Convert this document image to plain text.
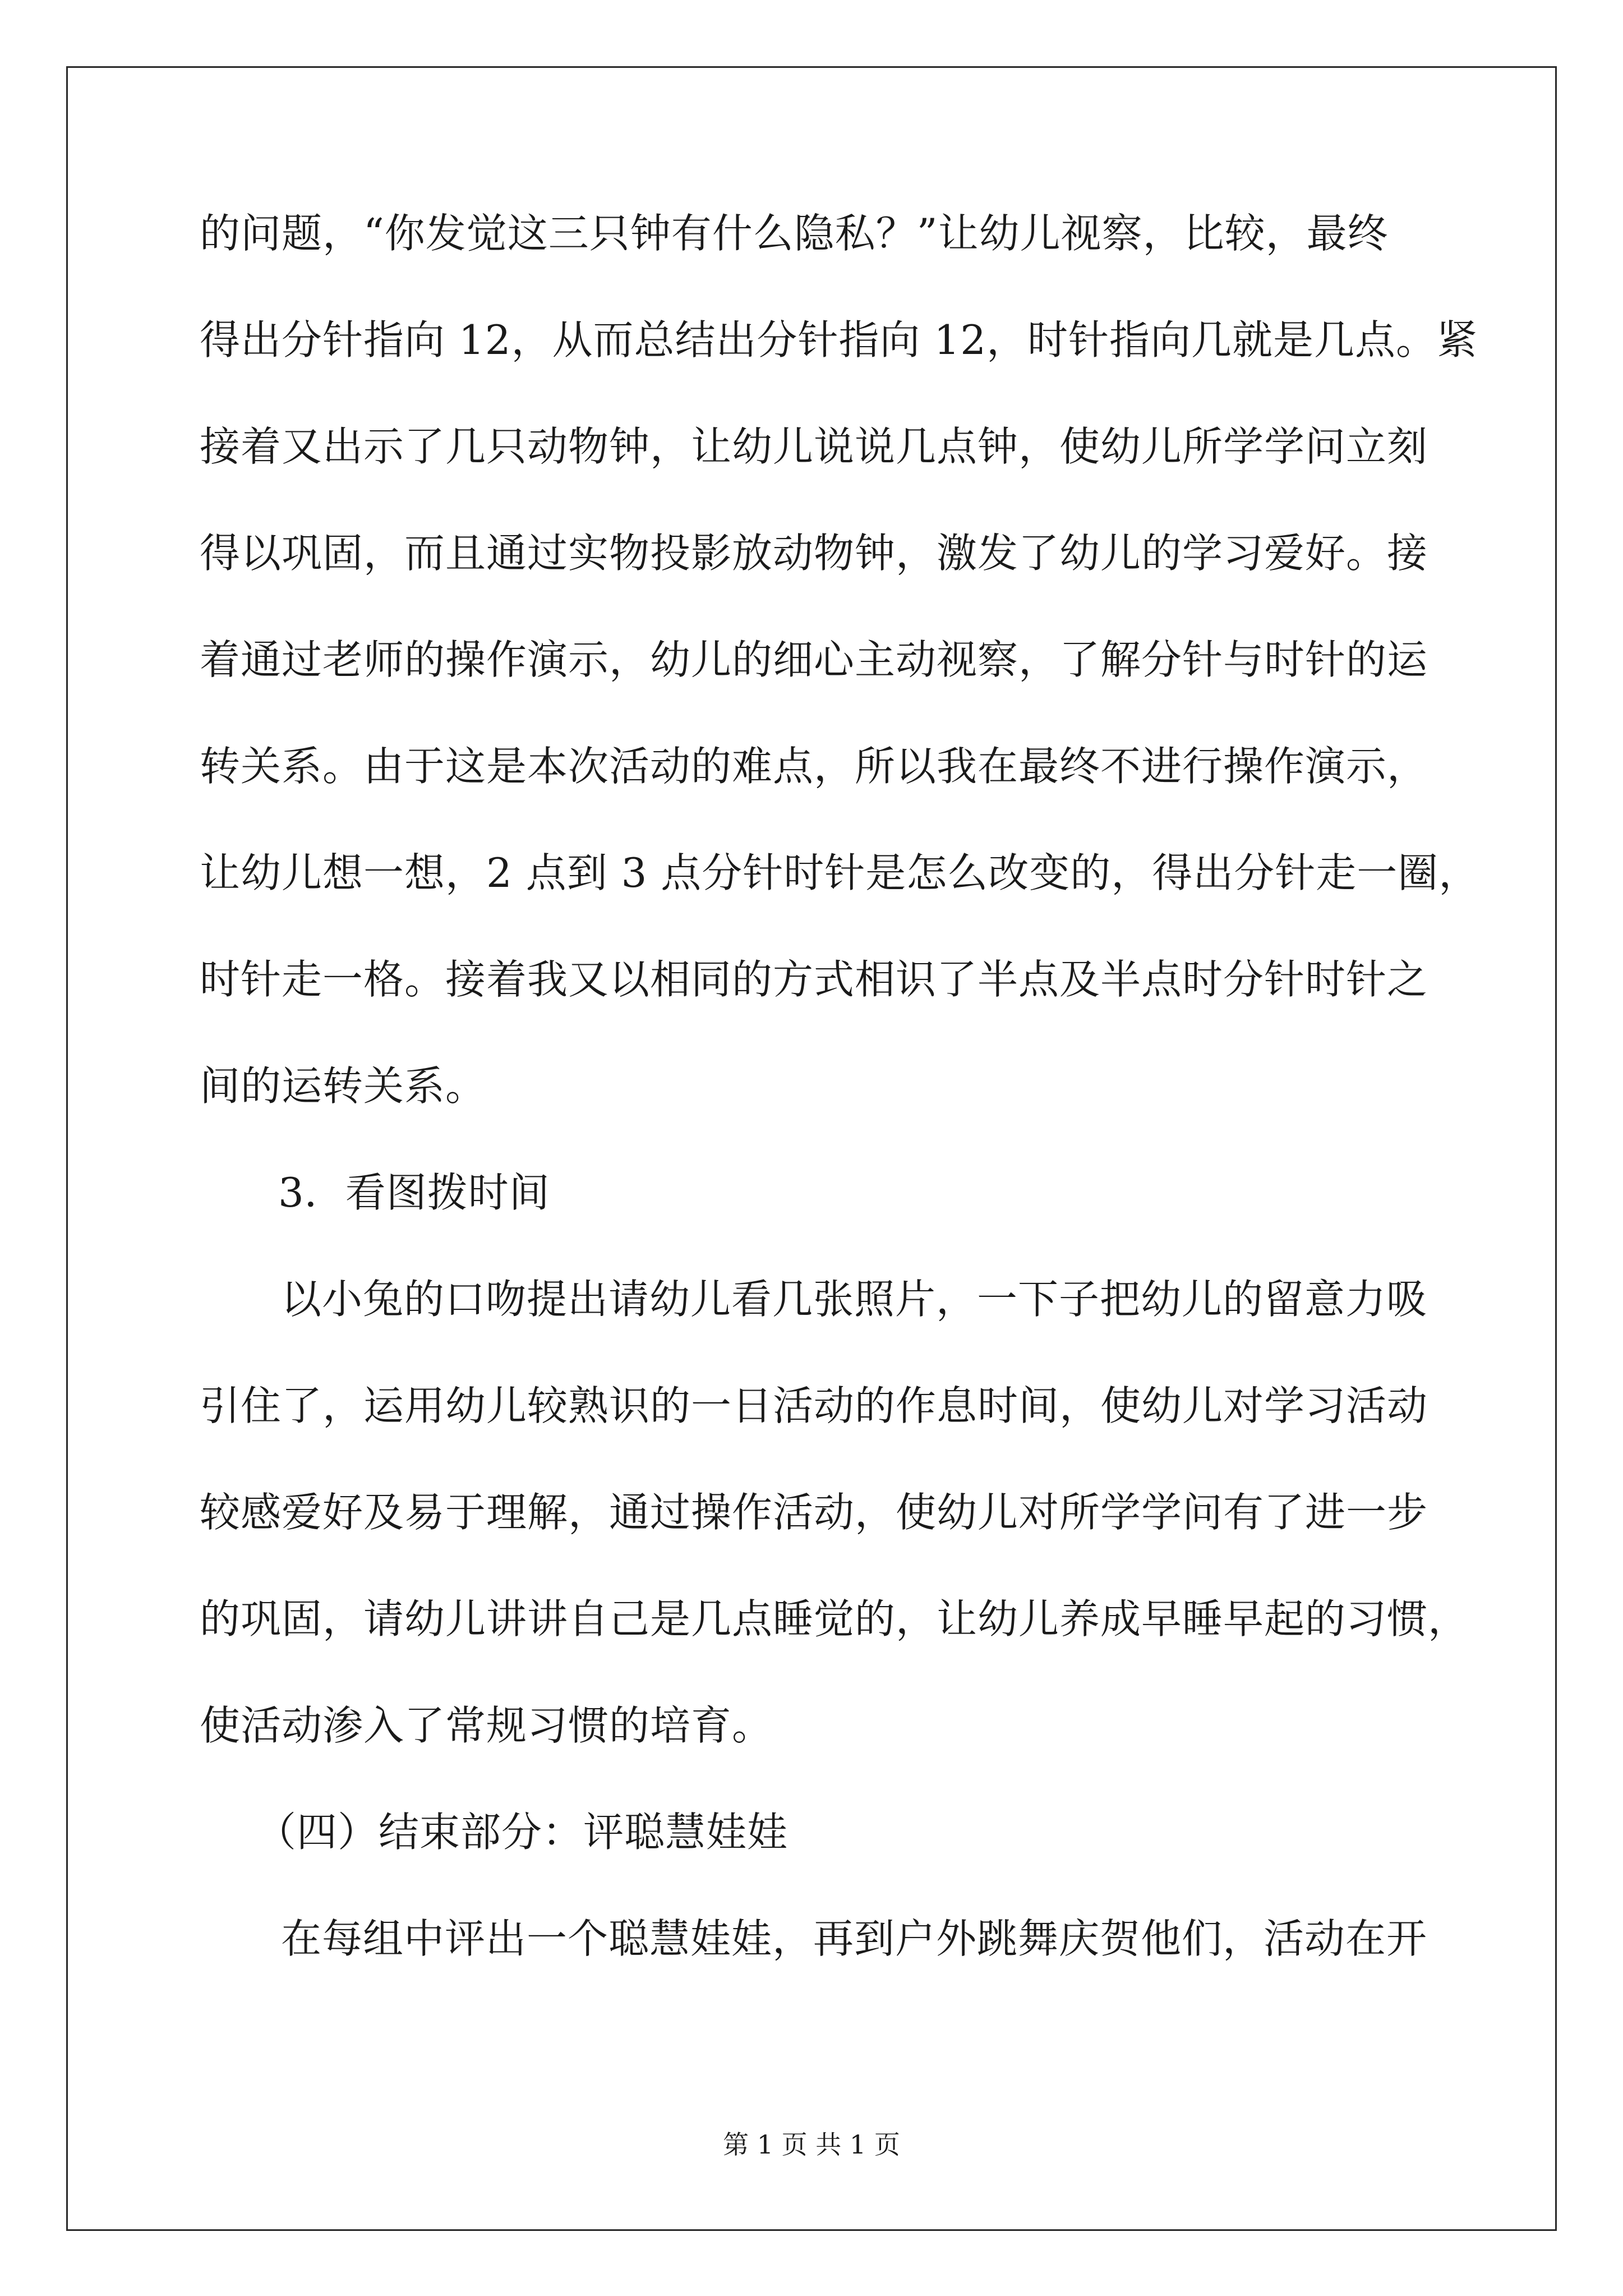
的问题，“你发觉这三只钟有什么隐私？”让幼儿视察，比较，最终
得出分针指向 12，从而总结出分针指向 12，时针指向几就是几点。紧
接着又出示了几只动物钟，让幼儿说说几点钟，使幼儿所学学问立刻
得以巩固，而且通过实物投影放动物钟，激发了幼儿的学习爱好。接
着通过老师的操作演示，幼儿的细心主动视察，了解分针与时针的运
转关系。由于这是本次活动的难点，所以我在最终不进行操作演示，
让幼儿想一想，2 点到 3 点分针时针是怎么改变的，得出分针走一圈，
时针走一格。接着我又以相同的方式相识了半点及半点时分针时针之
间的运转关系。
3．看图拨时间
以小兔的口吻提出请幼儿看几张照片，一下子把幼儿的留意力吸
引住了，运用幼儿较熟识的一日活动的作息时间，使幼儿对学习活动
较感爱好及易于理解，通过操作活动，使幼儿对所学学问有了进一步
的巩固，请幼儿讲讲自己是几点睡觉的，让幼儿养成早睡早起的习惯，
使活动渗入了常规习惯的培育。
（四）结束部分：评聪慧娃娃
在每组中评出一个聪慧娃娃，再到户外跳舞庆贺他们，活动在开
第 1 页 共 1 页
